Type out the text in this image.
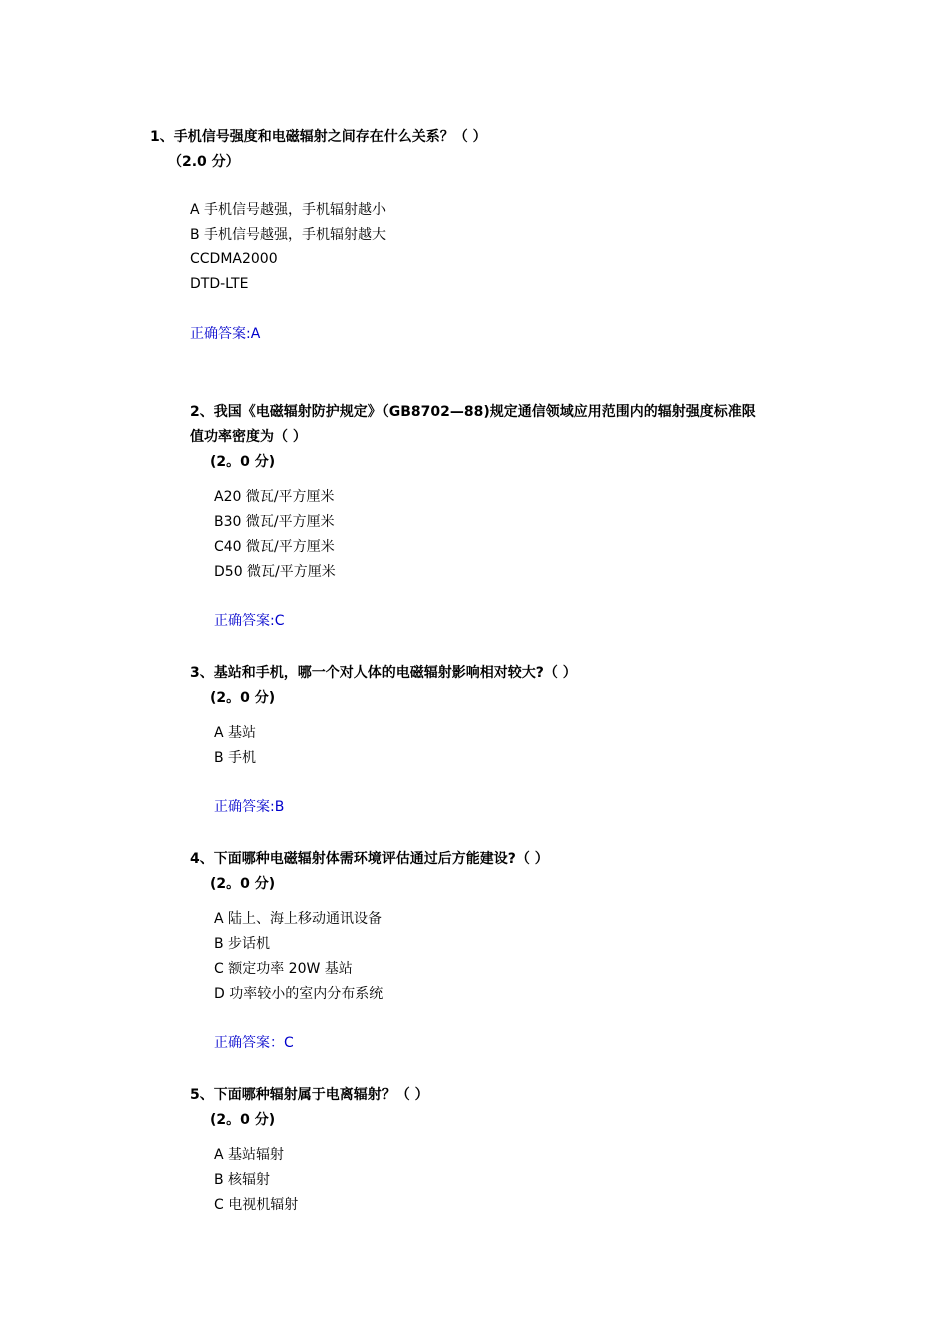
1、手机信号强度和电磁辐射之间存在什么关系？（ ）
（2.0 分）
A 手机信号越强，手机辐射越小
B 手机信号越强，手机辐射越大
CCDMA2000
DTD-LTE
正确答案:A
2、我国《电磁辐射防护规定》（GB8702—88)规定通信领域应用范围内的辐射强度标准限
值功率密度为（ ）
(2。0 分)
A20 微瓦/平方厘米
B30 微瓦/平方厘米
C40 微瓦/平方厘米
D50 微瓦/平方厘米
正确答案:C
3、基站和手机，哪一个对人体的电磁辐射影响相对较大?（ ）
(2。0 分)
A 基站
B 手机
正确答案:B
4、下面哪种电磁辐射体需环境评估通过后方能建设?（ ）
(2。0 分)
A 陆上、海上移动通讯设备
B 步话机
C 额定功率 20W 基站
D 功率较小的室内分布系统
正确答案：C
5、下面哪种辐射属于电离辐射？（ ）
(2。0 分)
A 基站辐射
B 核辐射
C 电视机辐射
